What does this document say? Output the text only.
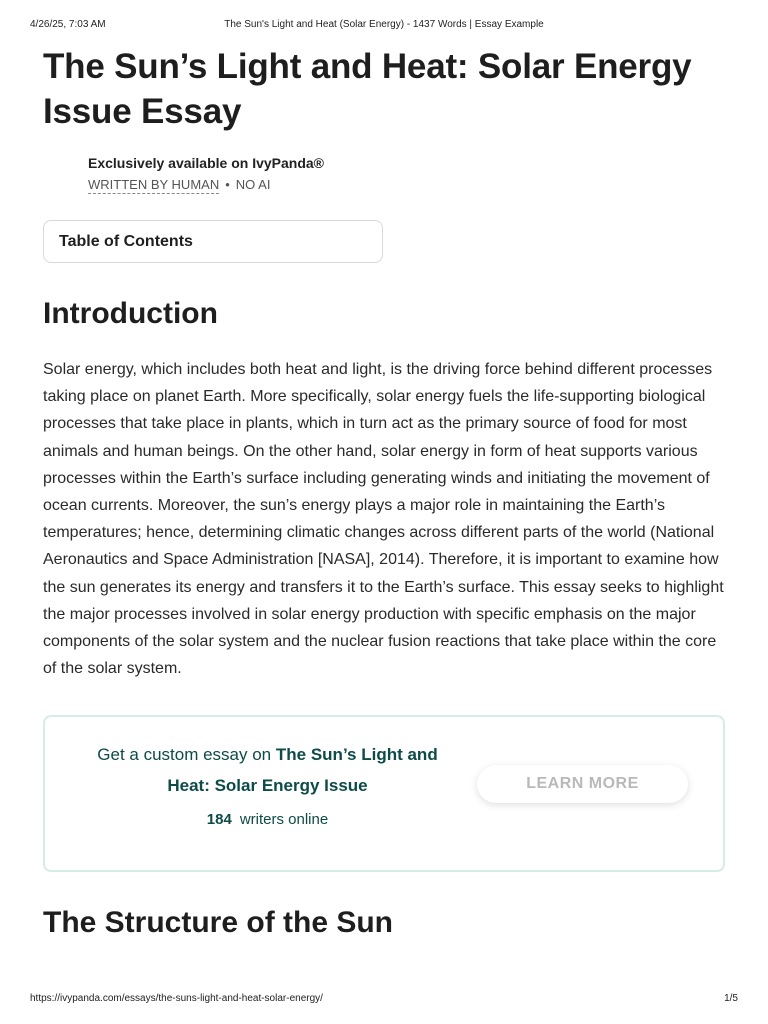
4/26/25, 7:03 AM	The Sun's Light and Heat (Solar Energy) - 1437 Words | Essay Example
The Sun’s Light and Heat: Solar Energy
Issue Essay
Exclusively available on IvyPanda®
WRITTEN BY HUMAN • NO AI
Table of Contents
Introduction

Solar energy, which includes both heat and light, is the driving force behind different processes taking place on planet Earth. More specifically, solar energy fuels the life-supporting biological processes that take place in plants, which in turn act as the primary source of food for most animals and human beings. On the other hand, solar energy in form of heat supports various processes within the Earth’s surface including generating winds and initiating the movement of ocean currents. Moreover, the sun’s energy plays a major role in maintaining the Earth’s temperatures; hence, determining climatic changes across different parts of the world (National Aeronautics and Space Administration [NASA], 2014). Therefore, it is important to examine how the sun generates its energy and transfers it to the Earth’s surface. This essay seeks to highlight the major processes involved in solar energy production with specific emphasis on the major components of the solar system and the nuclear fusion reactions that take place within the core of the solar system.

Get a custom essay on The Sun’s Light and
Heat: Solar Energy Issue
184 writers online
LEARN MORE
The Structure of the Sun
https://ivypanda.com/essays/the-suns-light-and-heat-solar-energy/	1/5
